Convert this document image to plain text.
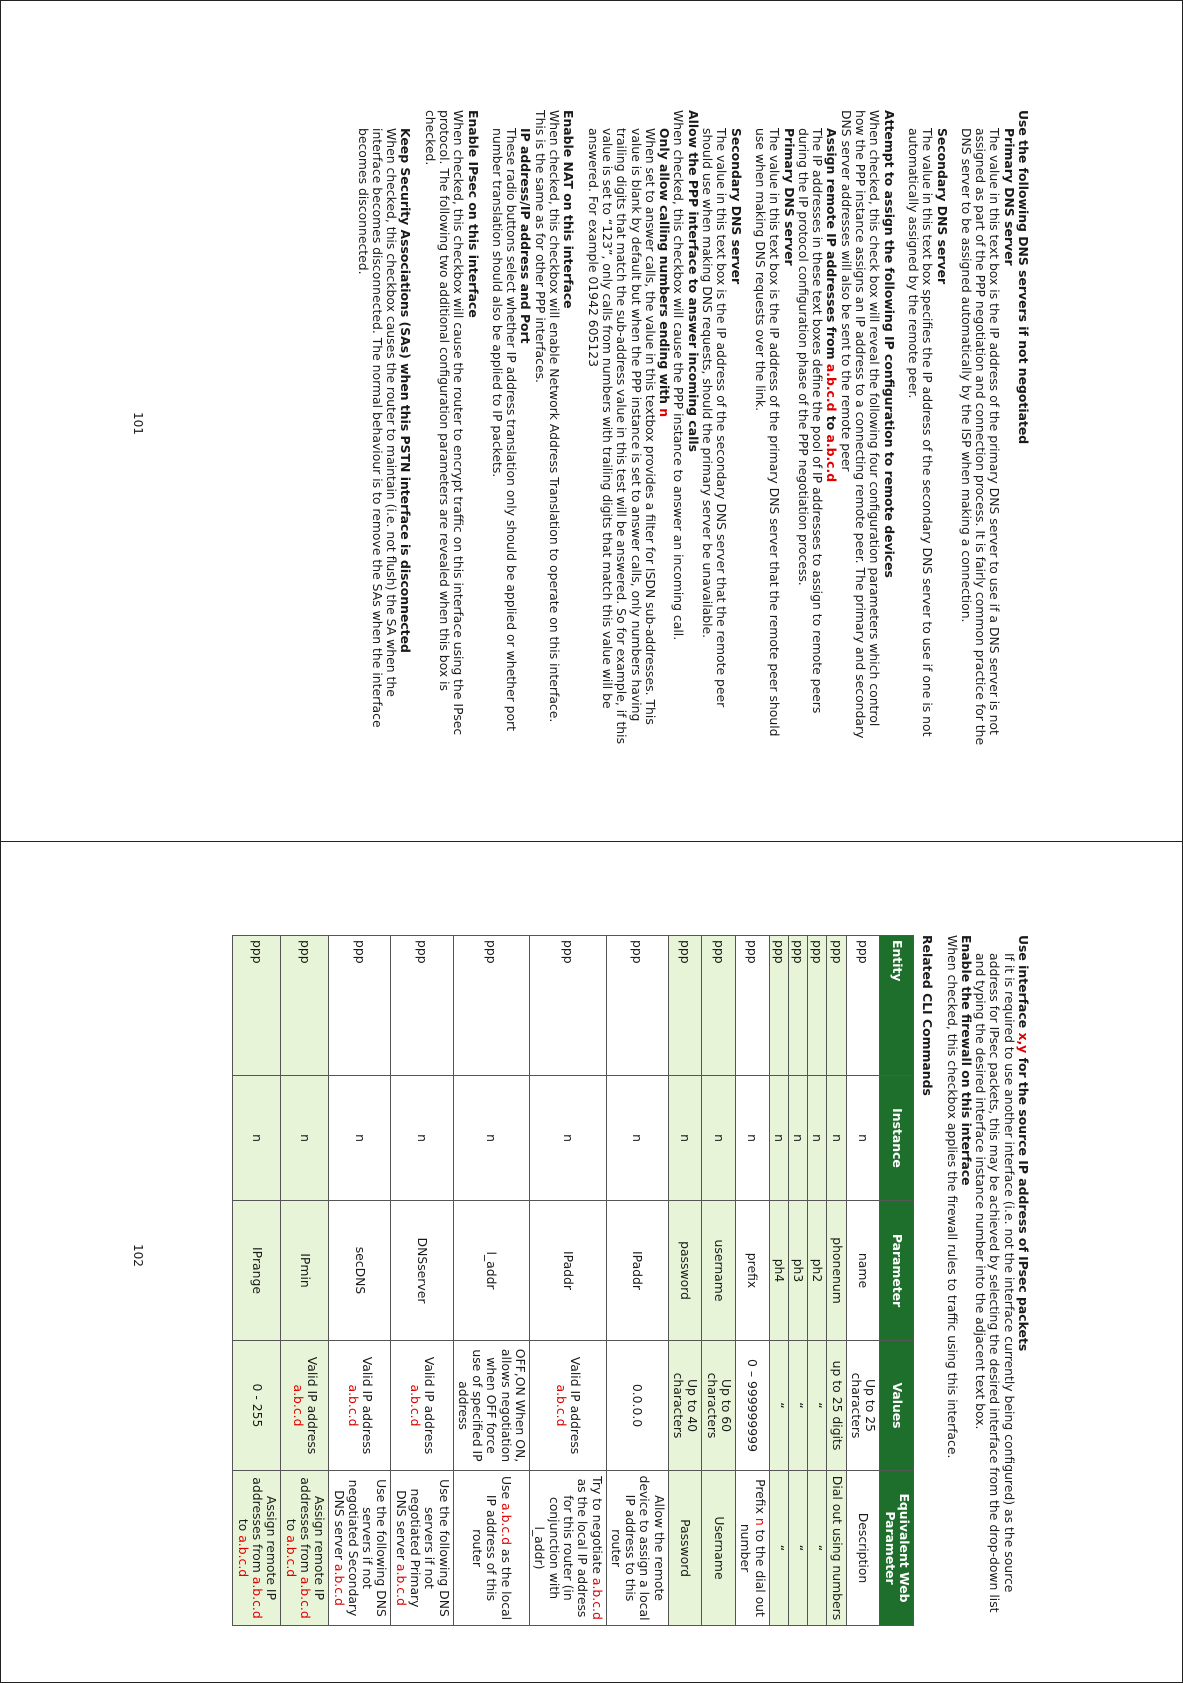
Use the following DNS servers if not negotiated

Primary DNS server

The value in this text box is the IP address of the primary DNS server to use if a DNS server is not assigned as part of the PPP negotiation and connection process. It is fairly common practice for the DNS server to be assigned automatically by the ISP when making a connection.

Secondary DNS server

The value in this text box specifies the IP address of the secondary DNS server to use if one is not automatically assigned by the remote peer.

Attempt to assign the following IP configuration to remote devices

When checked, this check box will reveal the following four configuration parameters which control how the PPP instance assigns an IP address to a connecting remote peer. The primary and secondary DNS server addresses will also be sent to the remote peer

Assign remote IP addresses from a.b.c.d to a.b.c.d

The IP addresses in these text boxes define the pool of IP addresses to assign to remote peers during the IP protocol configuration phase of the PPP negotiation process.

Primary DNS server

The value in this text box is the IP address of the primary DNS server that the remote peer should use when making DNS requests over the link.

Secondary DNS server

The value in this text box is the IP address of the secondary DNS server that the remote peer should use when making DNS requests, should the primary server be unavailable.

Allow the PPP interface to answer incoming calls

When checked, this checkbox will cause the PPP instance to answer an incoming call.

Only allow calling numbers ending with n

When set to answer calls, the value in this textbox provides a filter for ISDN sub-addresses. This value is blank by default but when the PPP instance is set to answer calls, only numbers having trailing digits that match the sub-address value in this test will be answered. So for example, if this value is set to “123”, only calls from numbers with trailing digits that match this value will be answered. For example 01942 605123

Enable NAT on this interface

When checked, this checkbox will enable Network Address Translation to operate on this interface. This is the same as for other PPP interfaces.

IP address/IP address and Port

These radio buttons select whether IP address translation only should be applied or whether port number translation should also be applied to IP packets.

Enable IPsec on this interface

When checked, this checkbox will cause the router to encrypt traffic on this interface using the IPsec protocol. The following two additional configuration parameters are revealed when this box is checked.

Keep Security Associations (SAs) when this PSTN interface is disconnected

When checked, this checkbox causes the router to maintain (i.e. not flush) the SA when the interface becomes disconnected. The normal behaviour is to remove the SAs when the interface becomes disconnected.

101

Use interface x,y for the source IP address of IPsec packets

If it is required to use another interface (i.e. not the interface currently being configured) as the source address for IPsec packets, this may be achieved by selecting the desired interface from the drop-down list and typing the desired interface instance number into the adjacent text box.

Enable the firewall on this interface

When checked, this checkbox applies the firewall rules to traffic using this interface.

Related CLI Commands

Entity	Instance	Parameter	Values	Equivalent Web Parameter
ppp	n	name	Up to 25 characters	Description
ppp	n	phonenum	up to 25 digits	Dial out using numbers
ppp	n	ph2	“	“
ppp	n	ph3	“	“
ppp	n	ph4	“	“
ppp	n	prefix	0 – 999999999	Prefix n to the dial out number
ppp	n	username	Up to 60 characters	Username
ppp	n	password	Up to 40 characters	Password
ppp	n	IPaddr	0.0.0.0	Allow the remote device to assign a local IP address to this router
ppp	n	IPaddr	Valid IP address a.b.c.d	Try to negotiate a.b.c.d as the local IP address for this router (in conjunction with l_addr)
ppp	n	l_addr	OFF,ON When ON, allows negotiation when OFF force use of specified IP address	Use a.b.c.d as the local IP address of this router
ppp	n	DNSserver	Valid IP address a.b.c.d	Use the following DNS servers if not negotiated Primary DNS server a.b.c.d
ppp	n	secDNS	Valid IP address a.b.c.d	Use the following DNS servers if not negotiated Secondary DNS server a.b.c.d
ppp	n	IPmin	Valid IP address a.b.c.d	Assign remote IP addresses from a.b.c.d to a.b.c.d
ppp	n	IPrange	0 - 255	Assign remote IP addresses from a.b.c.d to a.b.c.d
102
